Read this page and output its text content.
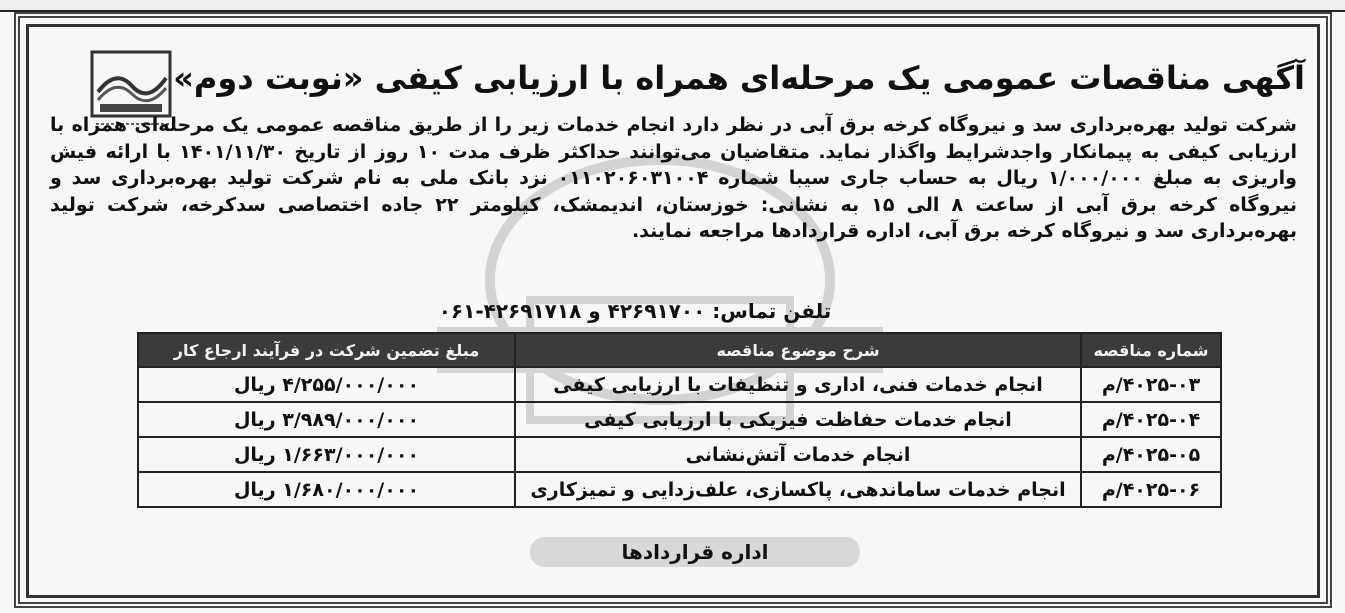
آگهی مناقصات عمومی یک مرحله‌ای همراه با ارزیابی کیفی «نوبت دوم»
شرکت تولید بهره‌برداری سد و نیروگاه کرخه برق آبی در نظر دارد انجام خدمات زیر را از طریق مناقصه عمومی یک مرحله‌ای همراه با ارزیابی کیفی به پیمانکار واجدشرایط واگذار نماید. متقاضیان می‌توانند حداکثر ظرف مدت ۱۰ روز از تاریخ ۱۴۰۱/۱۱/۳۰ با ارائه فیش واریزی به مبلغ ۱/۰۰۰/۰۰۰ ریال به حساب جاری سیبا شماره ۰۱۱۰۲۰۶۰۳۱۰۰۴ نزد بانک ملی به نام شرکت تولید بهره‌برداری سد و نیروگاه کرخه برق آبی از ساعت ۸ الی ۱۵ به نشانی: خوزستان، اندیمشک، کیلومتر ۲۲ جاده اختصاصی سدکرخه، شرکت تولید بهره‌برداری سد و نیروگاه کرخه برق آبی، اداره قراردادها مراجعه نمایند.
تلفن تماس: ۴۲۶۹۱۷۰۰ و ۴۲۶۹۱۷۱۸-۰۶۱
شماره مناقصه	شرح موضوع مناقصه	مبلغ تضمین شرکت در فرآیند ارجاع کار
۴۰۲۵-۰۳/م	انجام خدمات فنی، اداری و تنظیفات با ارزیابی کیفی	۴/۲۵۵/۰۰۰/۰۰۰ ریال
۴۰۲۵-۰۴/م	انجام خدمات حفاظت فیزیکی با ارزیابی کیفی	۳/۹۸۹/۰۰۰/۰۰۰ ریال
۴۰۲۵-۰۵/م	انجام خدمات آتش‌نشانی	۱/۶۶۳/۰۰۰/۰۰۰ ریال
۴۰۲۵-۰۶/م	انجام خدمات ساماندهی، پاکسازی، علف‌زدایی و تمیزکاری	۱/۶۸۰/۰۰۰/۰۰۰ ریال
اداره قراردادها
